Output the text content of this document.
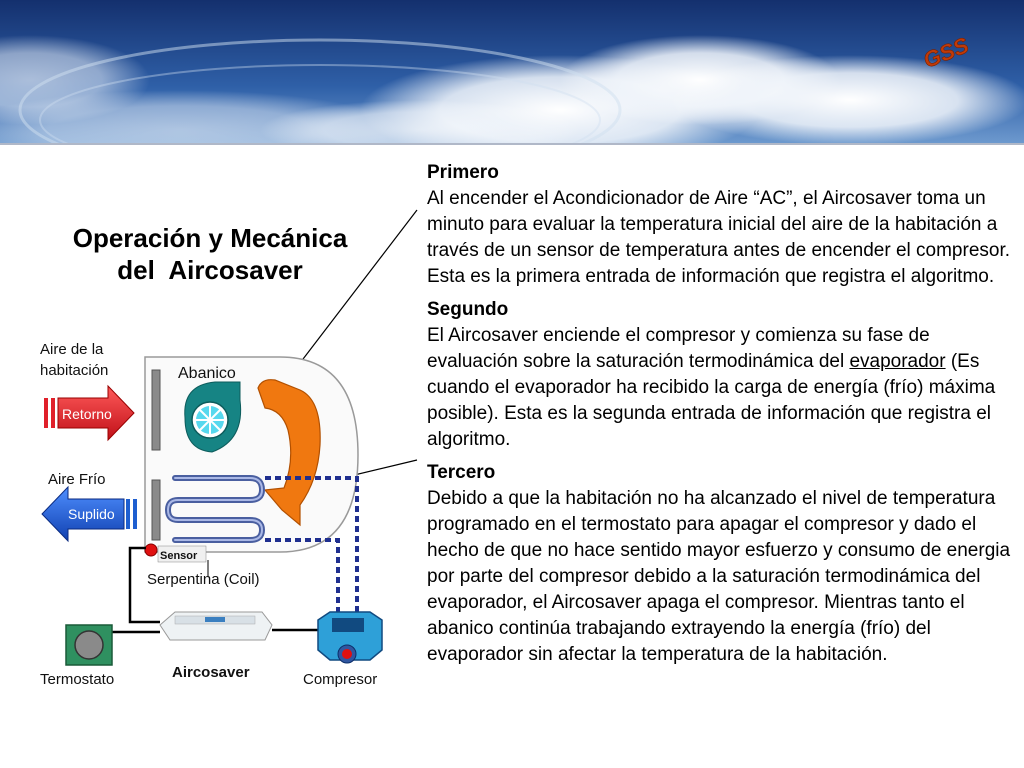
GSS
Operación y Mecánica
del  Aircosaver
Aire de la
habitación
Retorno
Aire Frío
Suplido
Abanico
Sensor
Serpentina (Coil)
Termostato	Aircosaver	Compresor
Primero
Al encender el Acondicionador de Aire “AC”, el Aircosaver toma un minuto para evaluar la temperatura inicial del aire de la habitación a través de un sensor de temperatura antes de encender el compresor. Esta es la primera entrada de información que registra el algoritmo.
Segundo
El Aircosaver enciende el compresor y comienza su fase de evaluación sobre la saturación termodinámica del evaporador (Es cuando el evaporador ha recibido la carga de energía (frío) máxima posible). Esta es la segunda entrada de información que registra el algoritmo.
Tercero
Debido a que la habitación no ha alcanzado el nivel de temperatura programado en el termostato para apagar el compresor y dado el hecho de que no hace sentido mayor esfuerzo y consumo de energia por parte del compresor debido a la saturación termodinámica del evaporador, el Aircosaver apaga el compresor. Mientras tanto el abanico continúa trabajando extrayendo la energía (frío) del evaporador sin afectar la temperatura de la habitación.
